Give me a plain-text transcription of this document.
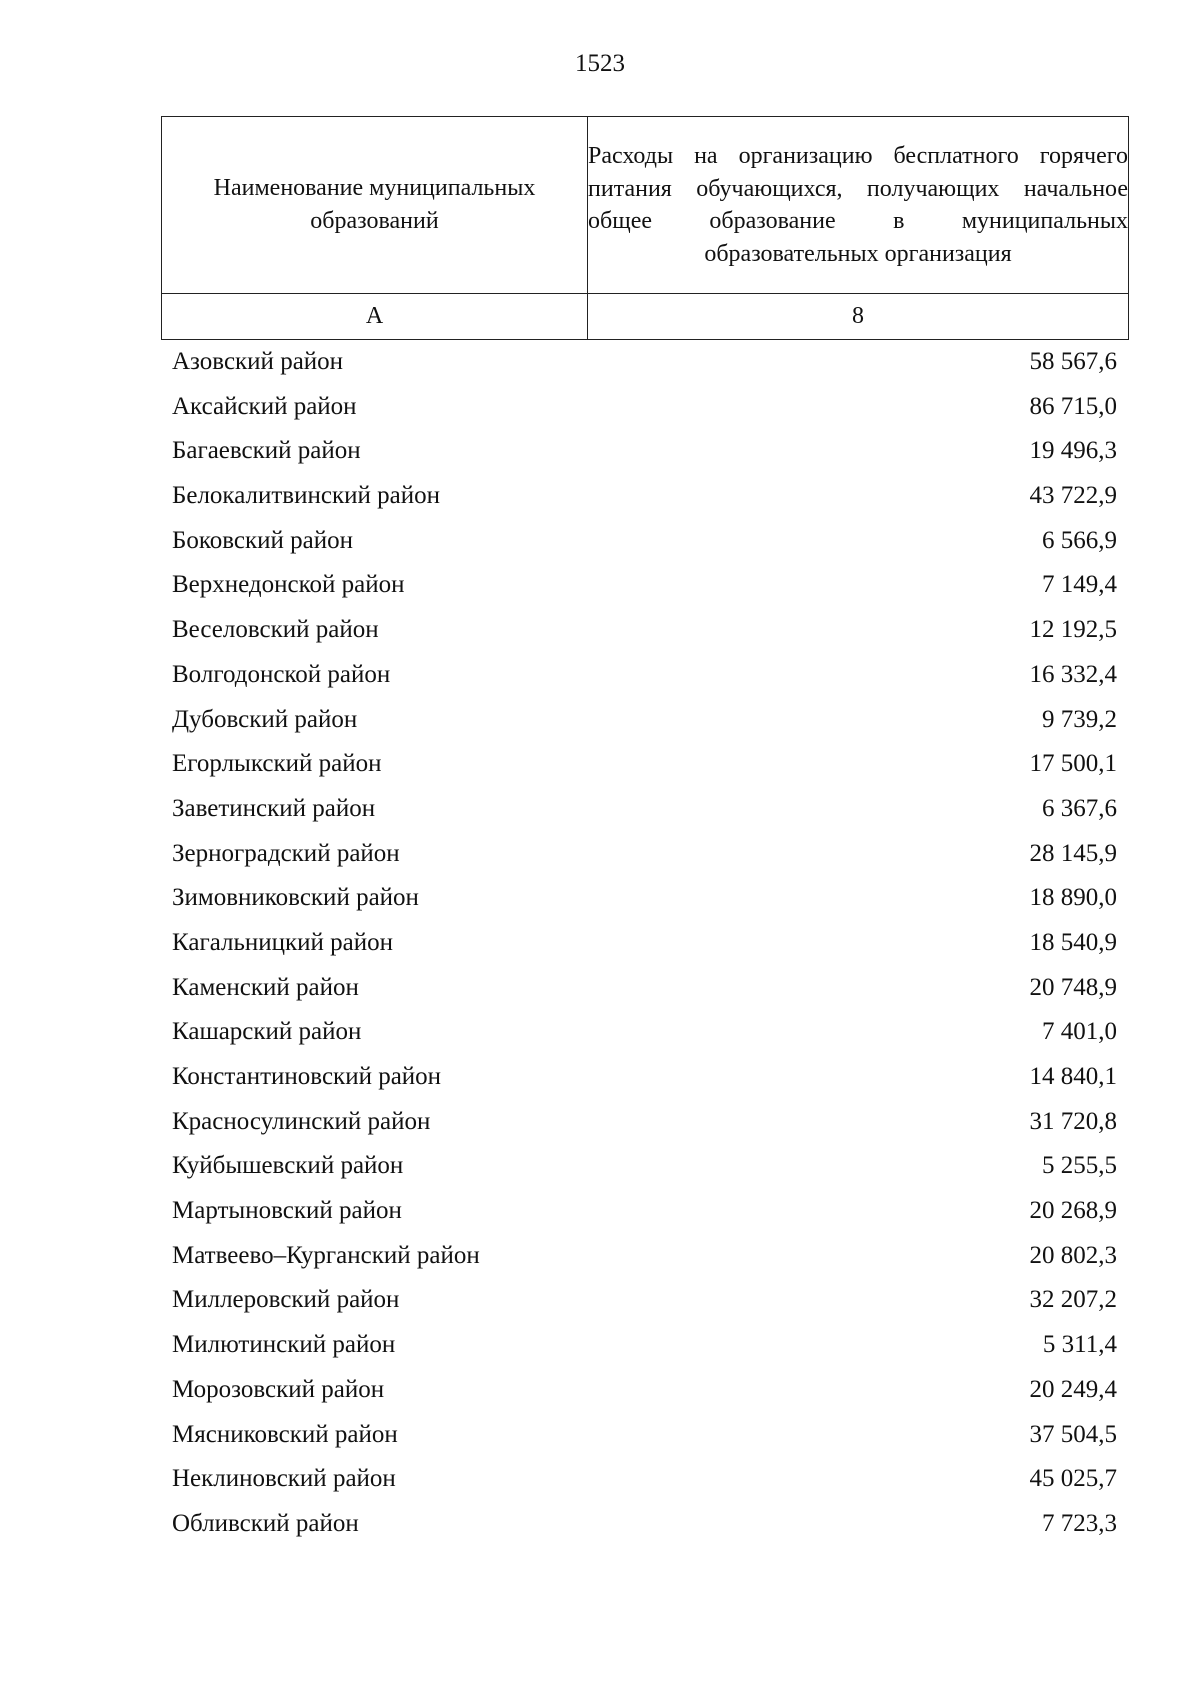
1523
Наименование муниципальных образований	Расходы на организацию бесплатного горячего питания обучающихся, получающих начальное общее образование в муниципальных образовательных организация

А	8
Азовский район	58 567,6
Аксайский район	86 715,0
Багаевский район	19 496,3
Белокалитвинский район	43 722,9
Боковский район	6 566,9
Верхнедонской район	7 149,4
Веселовский район	12 192,5
Волгодонской район	16 332,4
Дубовский район	9 739,2
Егорлыкский район	17 500,1
Заветинский район	6 367,6
Зерноградский район	28 145,9
Зимовниковский район	18 890,0
Кагальницкий район	18 540,9
Каменский район	20 748,9
Кашарский район	7 401,0
Константиновский район	14 840,1
Красносулинский район	31 720,8
Куйбышевский район	5 255,5
Мартыновский район	20 268,9
Матвеево–Курганский район	20 802,3
Миллеровский район	32 207,2
Милютинский район	5 311,4
Морозовский район	20 249,4
Мясниковский район	37 504,5
Неклиновский район	45 025,7
Обливский район	7 723,3
